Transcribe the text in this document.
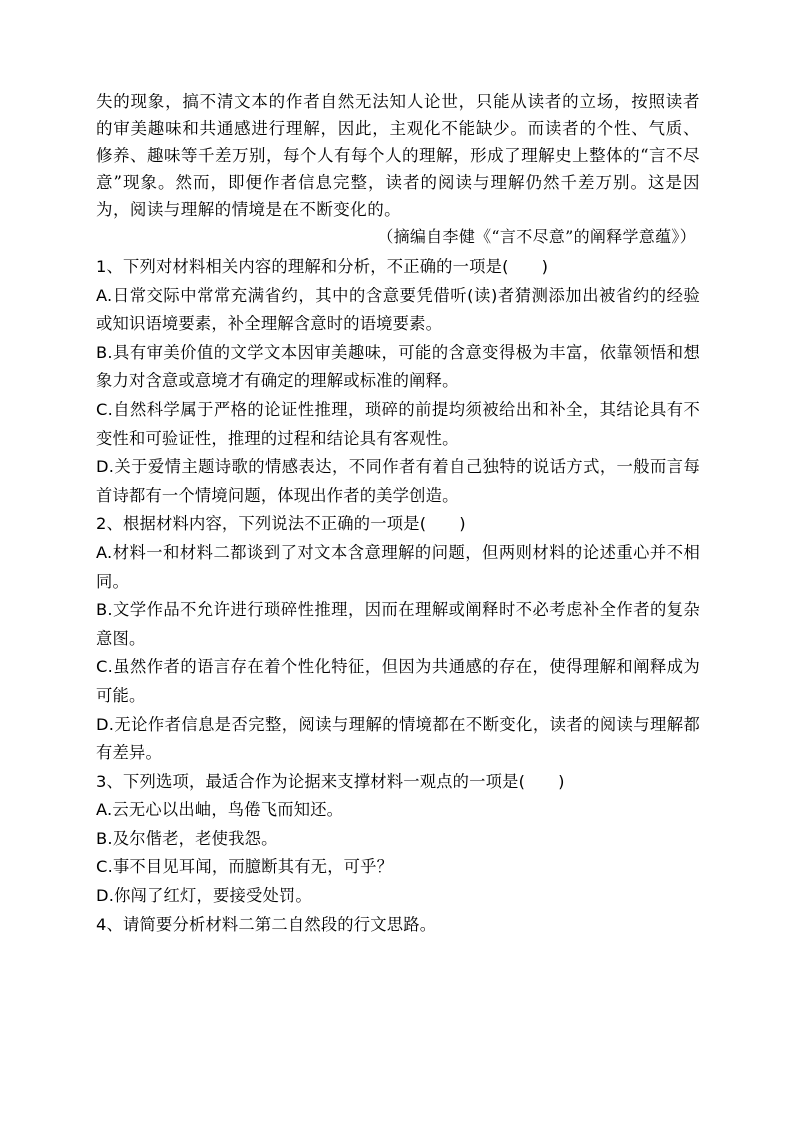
失的现象，搞不清文本的作者自然无法知人论世，只能从读者的立场，按照读者的审美趣味和共通感进行理解，因此，主观化不能缺少。而读者的个性、气质、修养、趣味等千差万别，每个人有每个人的理解，形成了理解史上整体的“言不尽意”现象。然而，即便作者信息完整，读者的阅读与理解仍然千差万别。这是因为，阅读与理解的情境是在不断变化的。

（摘编自李健《“言不尽意”的阐释学意蕴》）

1、下列对材料相关内容的理解和分析，不正确的一项是(　　)

A.日常交际中常常充满省约，其中的含意要凭借听(读)者猜测添加出被省约的经验或知识语境要素，补全理解含意时的语境要素。

B.具有审美价值的文学文本因审美趣味，可能的含意变得极为丰富，依靠领悟和想象力对含意或意境才有确定的理解或标准的阐释。

C.自然科学属于严格的论证性推理，琐碎的前提均须被给出和补全，其结论具有不变性和可验证性，推理的过程和结论具有客观性。

D.关于爱情主题诗歌的情感表达，不同作者有着自己独特的说话方式，一般而言每首诗都有一个情境问题，体现出作者的美学创造。

2、根据材料内容，下列说法不正确的一项是(　　)

A.材料一和材料二都谈到了对文本含意理解的问题，但两则材料的论述重心并不相同。

B.文学作品不允许进行琐碎性推理，因而在理解或阐释时不必考虑补全作者的复杂意图。

C.虽然作者的语言存在着个性化特征，但因为共通感的存在，使得理解和阐释成为可能。

D.无论作者信息是否完整，阅读与理解的情境都在不断变化，读者的阅读与理解都有差异。

3、下列选项，最适合作为论据来支撑材料一观点的一项是(　　)

A.云无心以出岫，鸟倦飞而知还。

B.及尔偕老，老使我怨。

C.事不目见耳闻，而臆断其有无，可乎？

D.你闯了红灯，要接受处罚。

4、请简要分析材料二第二自然段的行文思路。
